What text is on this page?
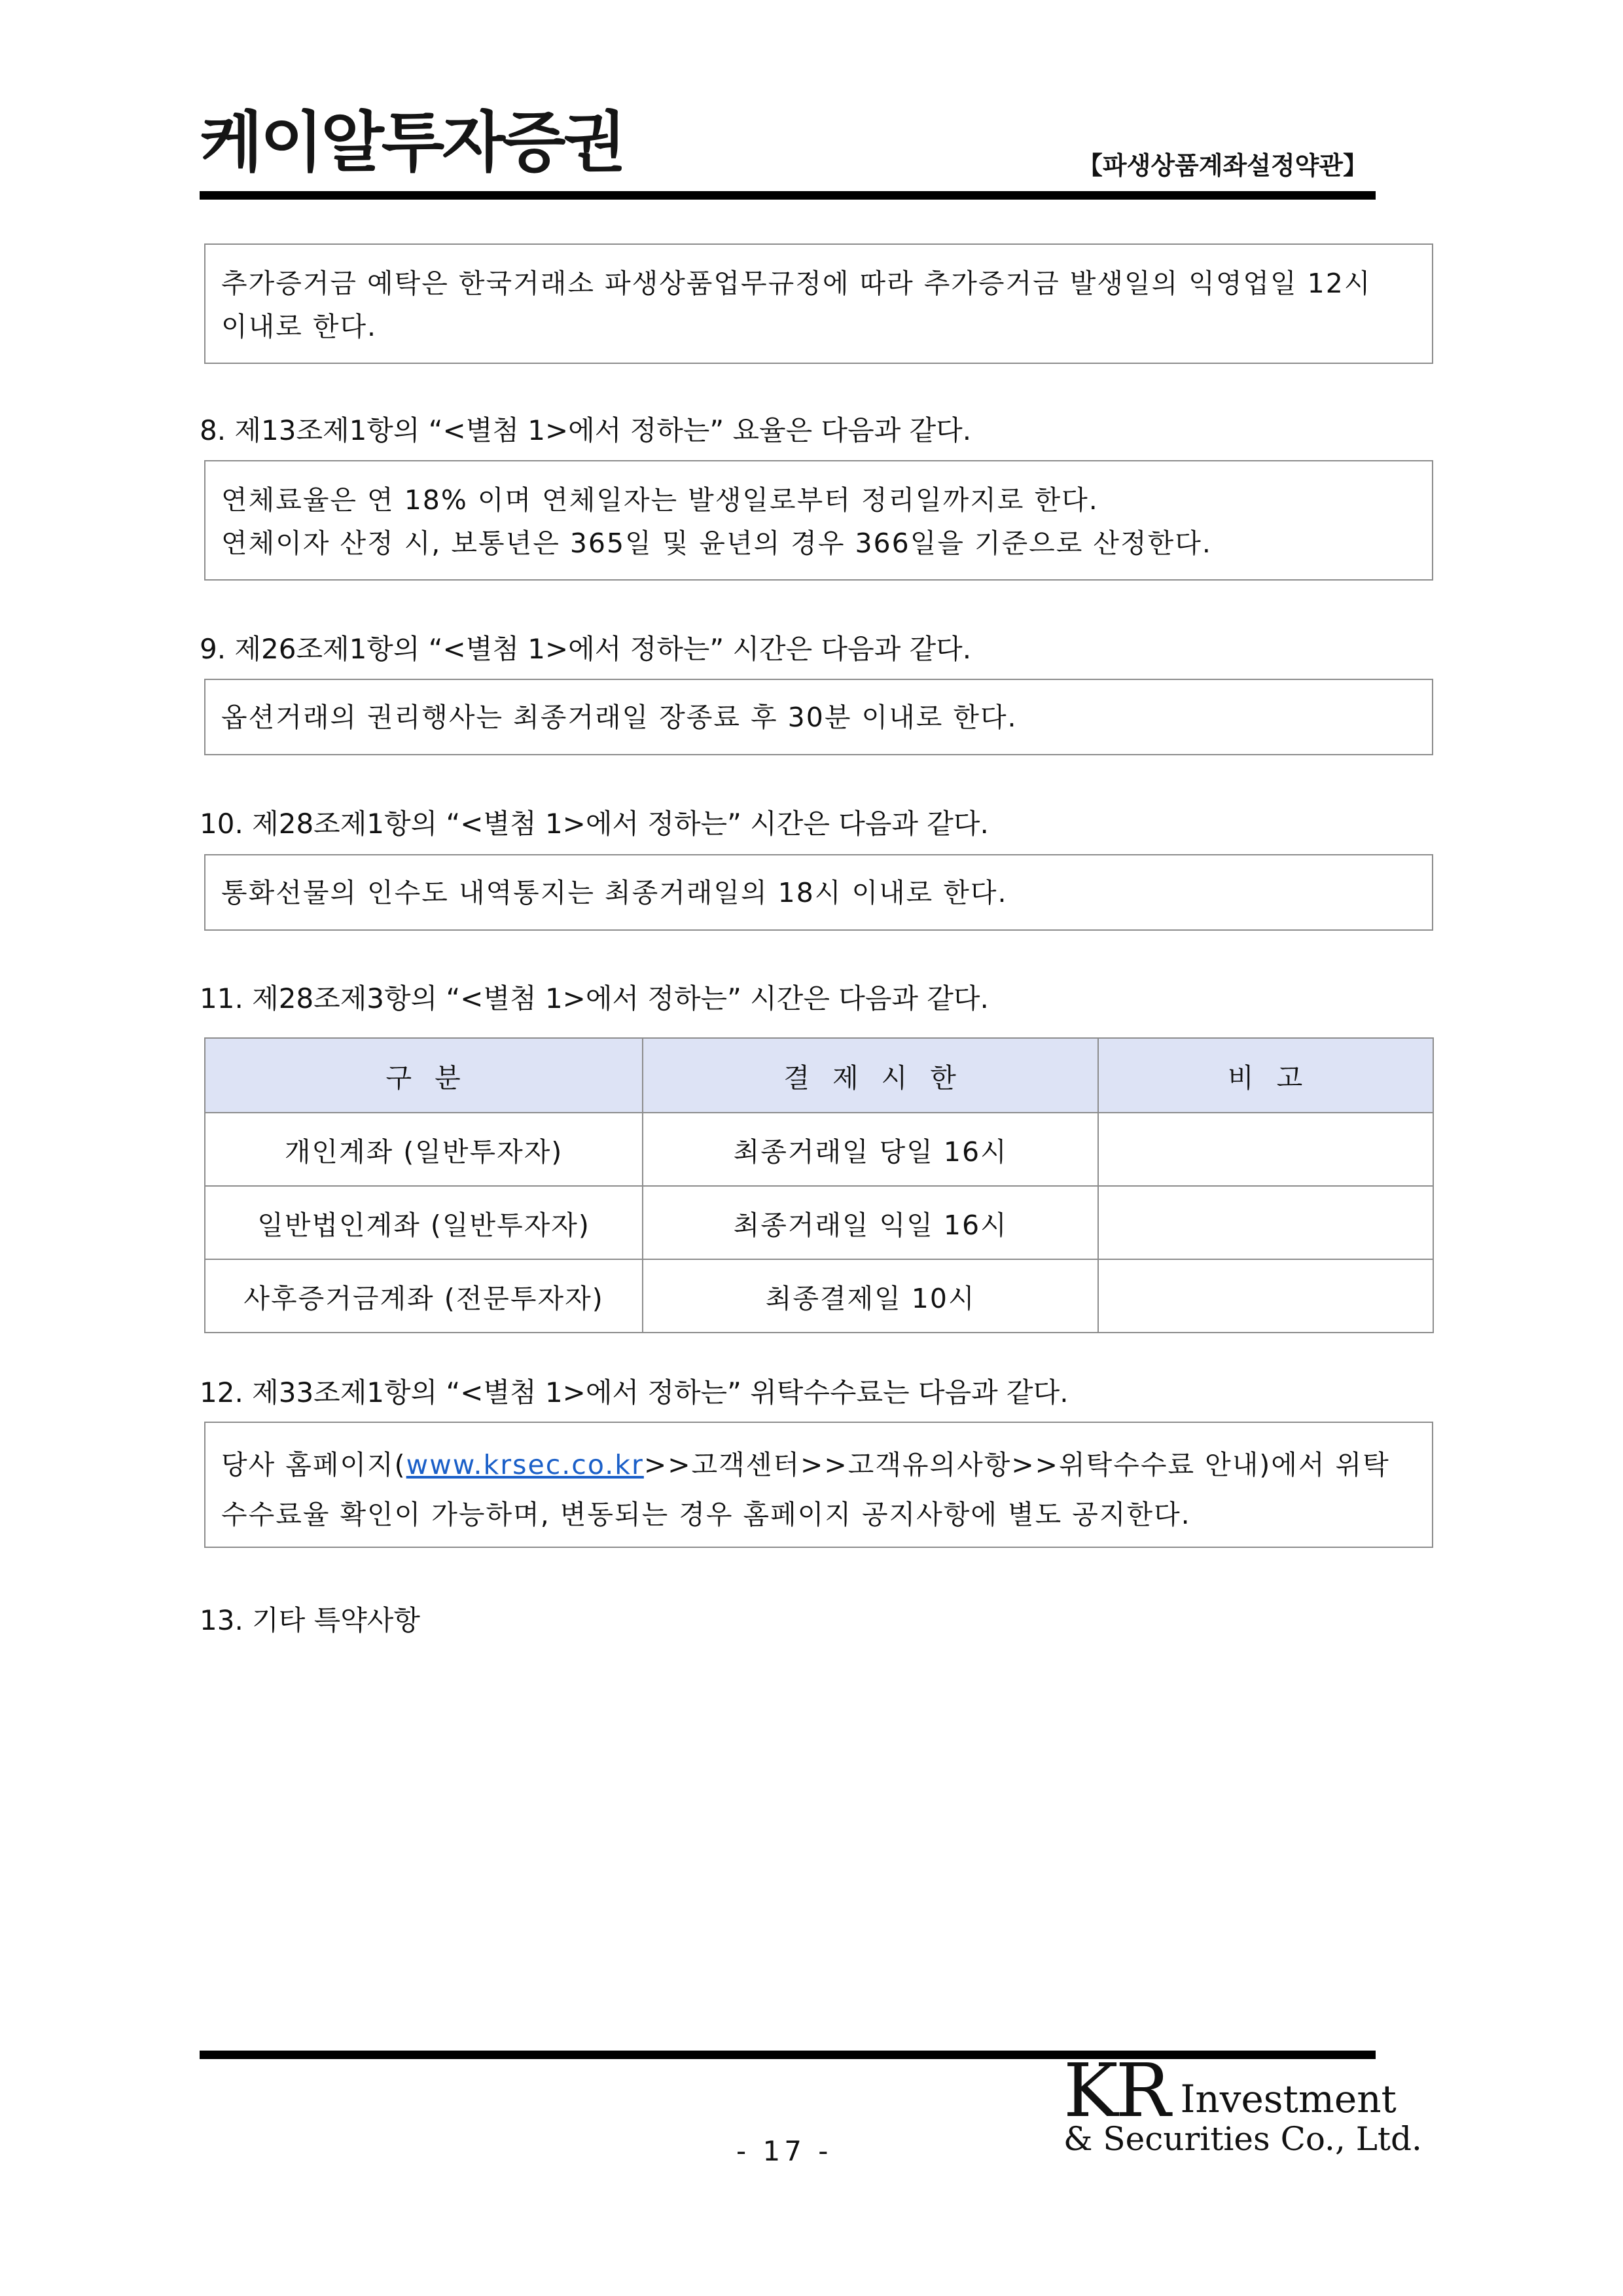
케이알투자증권	【파생상품계좌설정약관】

추가증거금 예탁은 한국거래소 파생상품업무규정에 따라 추가증거금 발생일의 익영업일 12시

이내로 한다.

8. 제13조제1항의 “<별첨 1>에서 정하는” 요율은 다음과 같다.

연체료율은 연 18% 이며 연체일자는 발생일로부터 정리일까지로 한다.

연체이자 산정 시, 보통년은 365일 및 윤년의 경우 366일을 기준으로 산정한다.

9. 제26조제1항의 “<별첨 1>에서 정하는” 시간은 다음과 같다.

옵션거래의 권리행사는 최종거래일 장종료 후 30분 이내로 한다.

10. 제28조제1항의 “<별첨 1>에서 정하는” 시간은 다음과 같다.

통화선물의 인수도 내역통지는 최종거래일의 18시 이내로 한다.

11. 제28조제3항의 “<별첨 1>에서 정하는” 시간은 다음과 같다.
구 분	결 제 시 한	비 고
개인계좌 (일반투자자)	최종거래일 당일 16시	
일반법인계좌 (일반투자자)	최종거래일 익일 16시	
사후증거금계좌 (전문투자자)	최종결제일 10시	
12. 제33조제1항의 “<별첨 1>에서 정하는” 위탁수수료는 다음과 같다.

당사 홈페이지(www.krsec.co.kr>>고객센터>>고객유의사항>>위탁수수료 안내)에서 위탁

수수료율 확인이 가능하며, 변동되는 경우 홈페이지 공지사항에 별도 공지한다.

13. 기타 특약사항
- 17 -
KR Investment
& Securities Co., Ltd.
